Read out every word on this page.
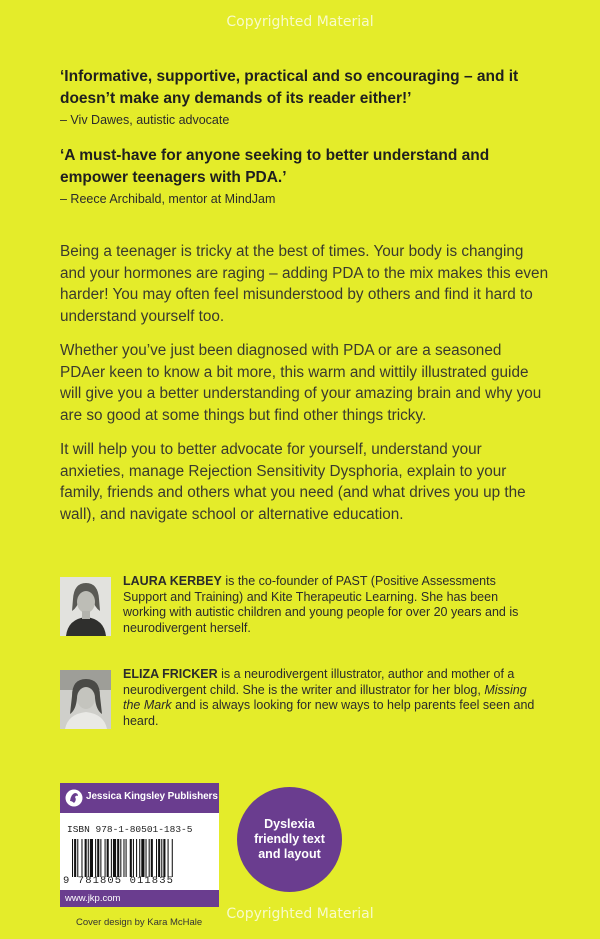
Copyrighted Material
‘Informative, supportive, practical and so encouraging – and it doesn’t make any demands of its reader either!’
– Viv Dawes, autistic advocate
‘A must-have for anyone seeking to better understand and empower teenagers with PDA.’
– Reece Archibald, mentor at MindJam
Being a teenager is tricky at the best of times. Your body is changing and your hormones are raging – adding PDA to the mix makes this even harder! You may often feel misunderstood by others and find it hard to understand yourself too.
Whether you’ve just been diagnosed with PDA or are a seasoned PDAer keen to know a bit more, this warm and wittily illustrated guide will give you a better understanding of your amazing brain and why you are so good at some things but find other things tricky.
It will help you to better advocate for yourself, understand your anxieties, manage Rejection Sensitivity Dysphoria, explain to your family, friends and others what you need (and what drives you up the wall), and navigate school or alternative education.
LAURA KERBEY is the co-founder of PAST (Positive Assessments Support and Training) and Kite Therapeutic Learning. She has been working with autistic children and young people for over 20 years and is neurodivergent herself.
ELIZA FRICKER is a neurodivergent illustrator, author and mother of a neurodivergent child. She is the writer and illustrator for her blog, Missing the Mark and is always looking for new ways to help parents feel seen and heard.
Jessica Kingsley Publishers
ISBN 978-1-80501-183-5
9 781805 011835
www.jkp.com
Cover design by Kara McHale
Dyslexia friendly text and layout
Copyrighted Material
